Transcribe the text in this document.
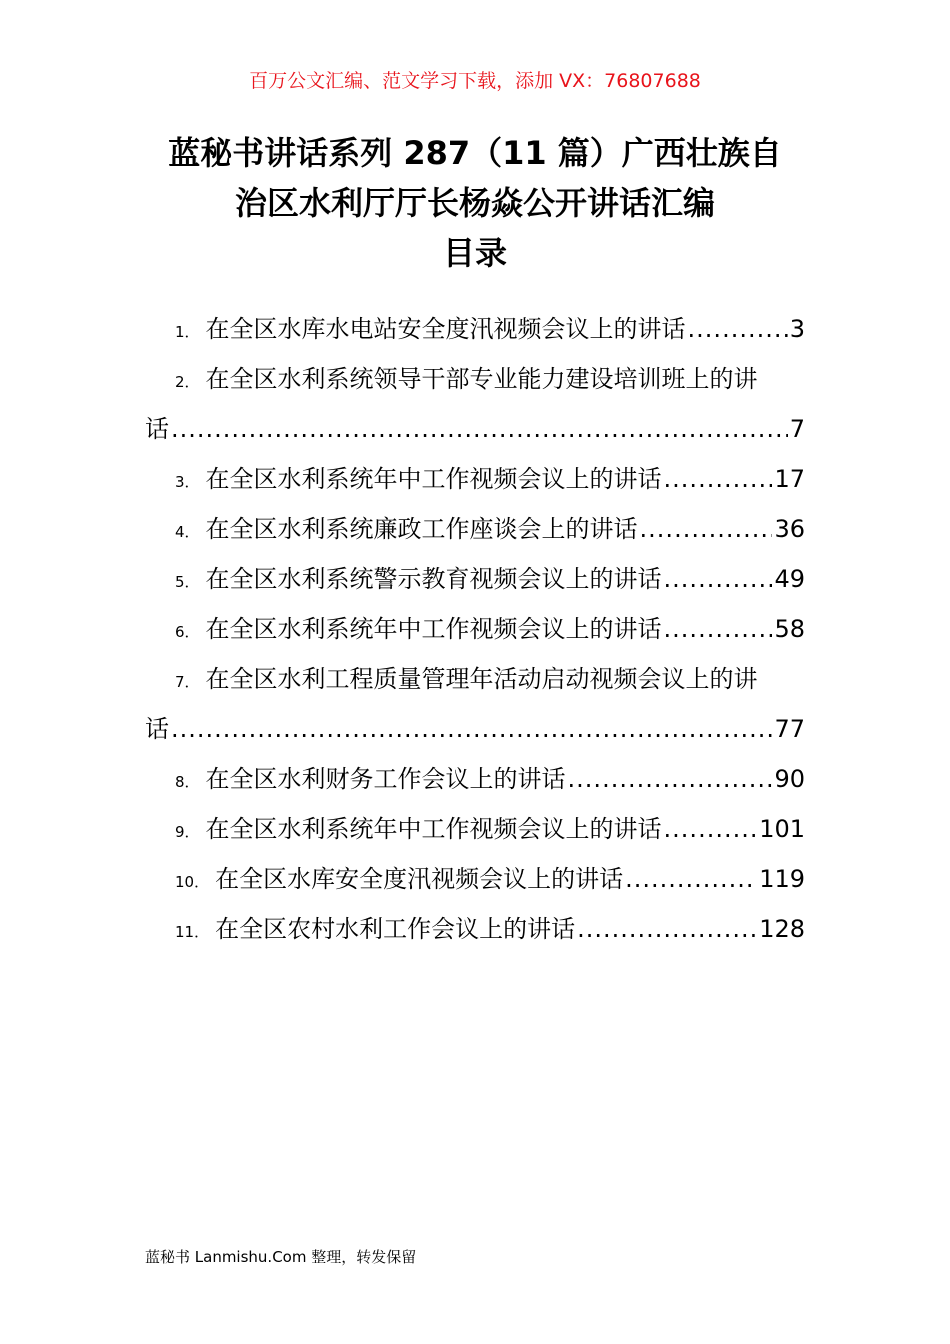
百万公文汇编、范文学习下载，添加 VX：76807688
蓝秘书讲话系列 287（11 篇）广西壮族自
治区水利厅厅长杨焱公开讲话汇编
目录
1． 在全区水库水电站安全度汛视频会议上的讲话 .....	3
2． 在全区水利系统领导干部专业能力建设培训班上的讲
话 .....	7
3． 在全区水利系统年中工作视频会议上的讲话 .....	17
4． 在全区水利系统廉政工作座谈会上的讲话 .....	36
5． 在全区水利系统警示教育视频会议上的讲话 .....	49
6． 在全区水利系统年中工作视频会议上的讲话 .....	58
7． 在全区水利工程质量管理年活动启动视频会议上的讲
话 .....	77
8． 在全区水利财务工作会议上的讲话 .....	90
9． 在全区水利系统年中工作视频会议上的讲话 .....	101
10． 在全区水库安全度汛视频会议上的讲话 .....	119
11． 在全区农村水利工作会议上的讲话 .....	128
蓝秘书 Lanmishu.Com 整理，转发保留
